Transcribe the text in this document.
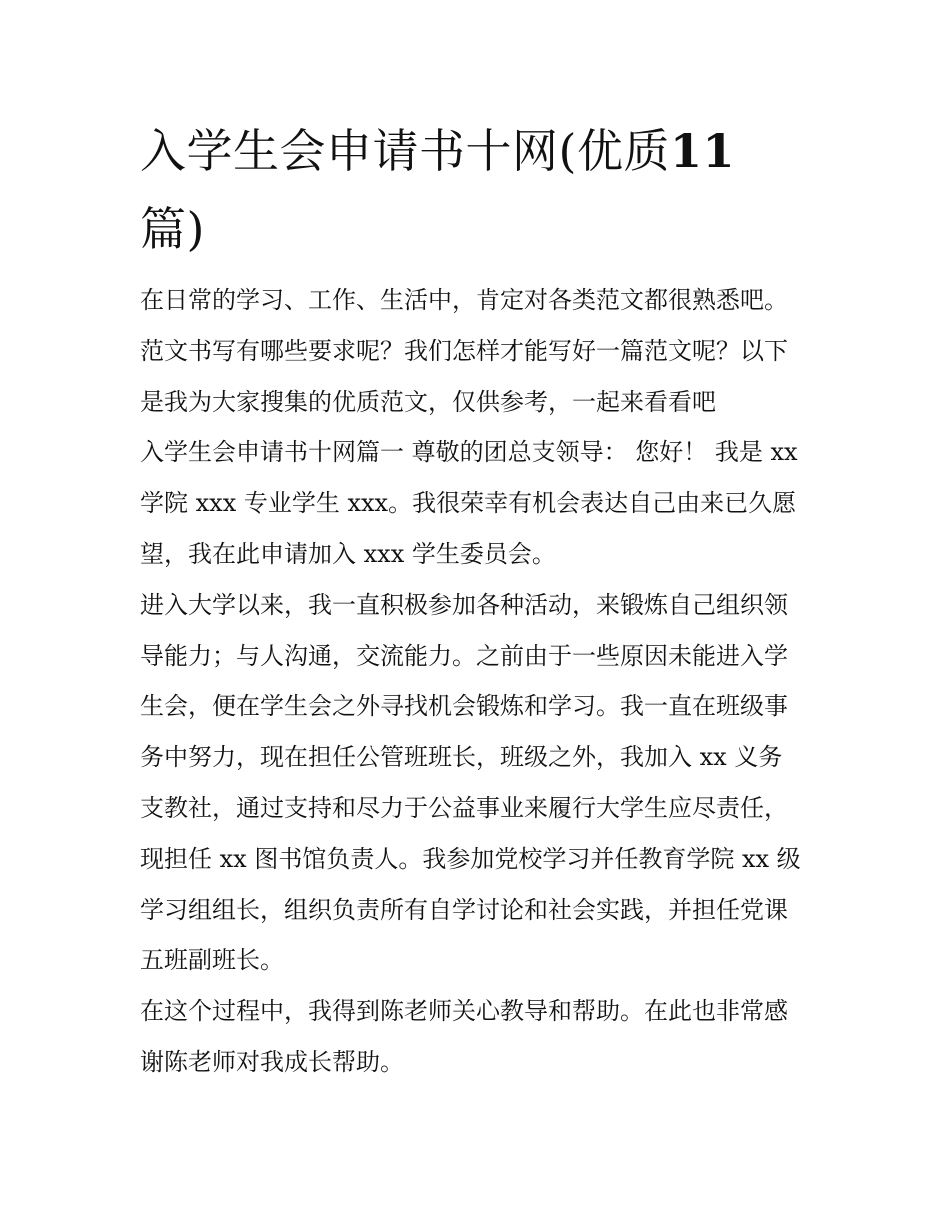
入学生会申请书十网(优质11
篇)

在日常的学习、工作、生活中，肯定对各类范文都很熟悉吧。
范文书写有哪些要求呢？我们怎样才能写好一篇范文呢？以下
是我为大家搜集的优质范文，仅供参考，一起来看看吧

入学生会申请书十网篇一 尊敬的团总支领导： 您好！ 我是 xx
学院 xxx 专业学生 xxx。我很荣幸有机会表达自己由来已久愿
望，我在此申请加入 xxx 学生委员会。

进入大学以来，我一直积极参加各种活动，来锻炼自己组织领
导能力；与人沟通，交流能力。之前由于一些原因未能进入学
生会，便在学生会之外寻找机会锻炼和学习。我一直在班级事
务中努力，现在担任公管班班长，班级之外，我加入 xx 义务
支教社，通过支持和尽力于公益事业来履行大学生应尽责任，
现担任 xx 图书馆负责人。我参加党校学习并任教育学院 xx 级
学习组组长，组织负责所有自学讨论和社会实践，并担任党课
五班副班长。

在这个过程中，我得到陈老师关心教导和帮助。在此也非常感
谢陈老师对我成长帮助。
